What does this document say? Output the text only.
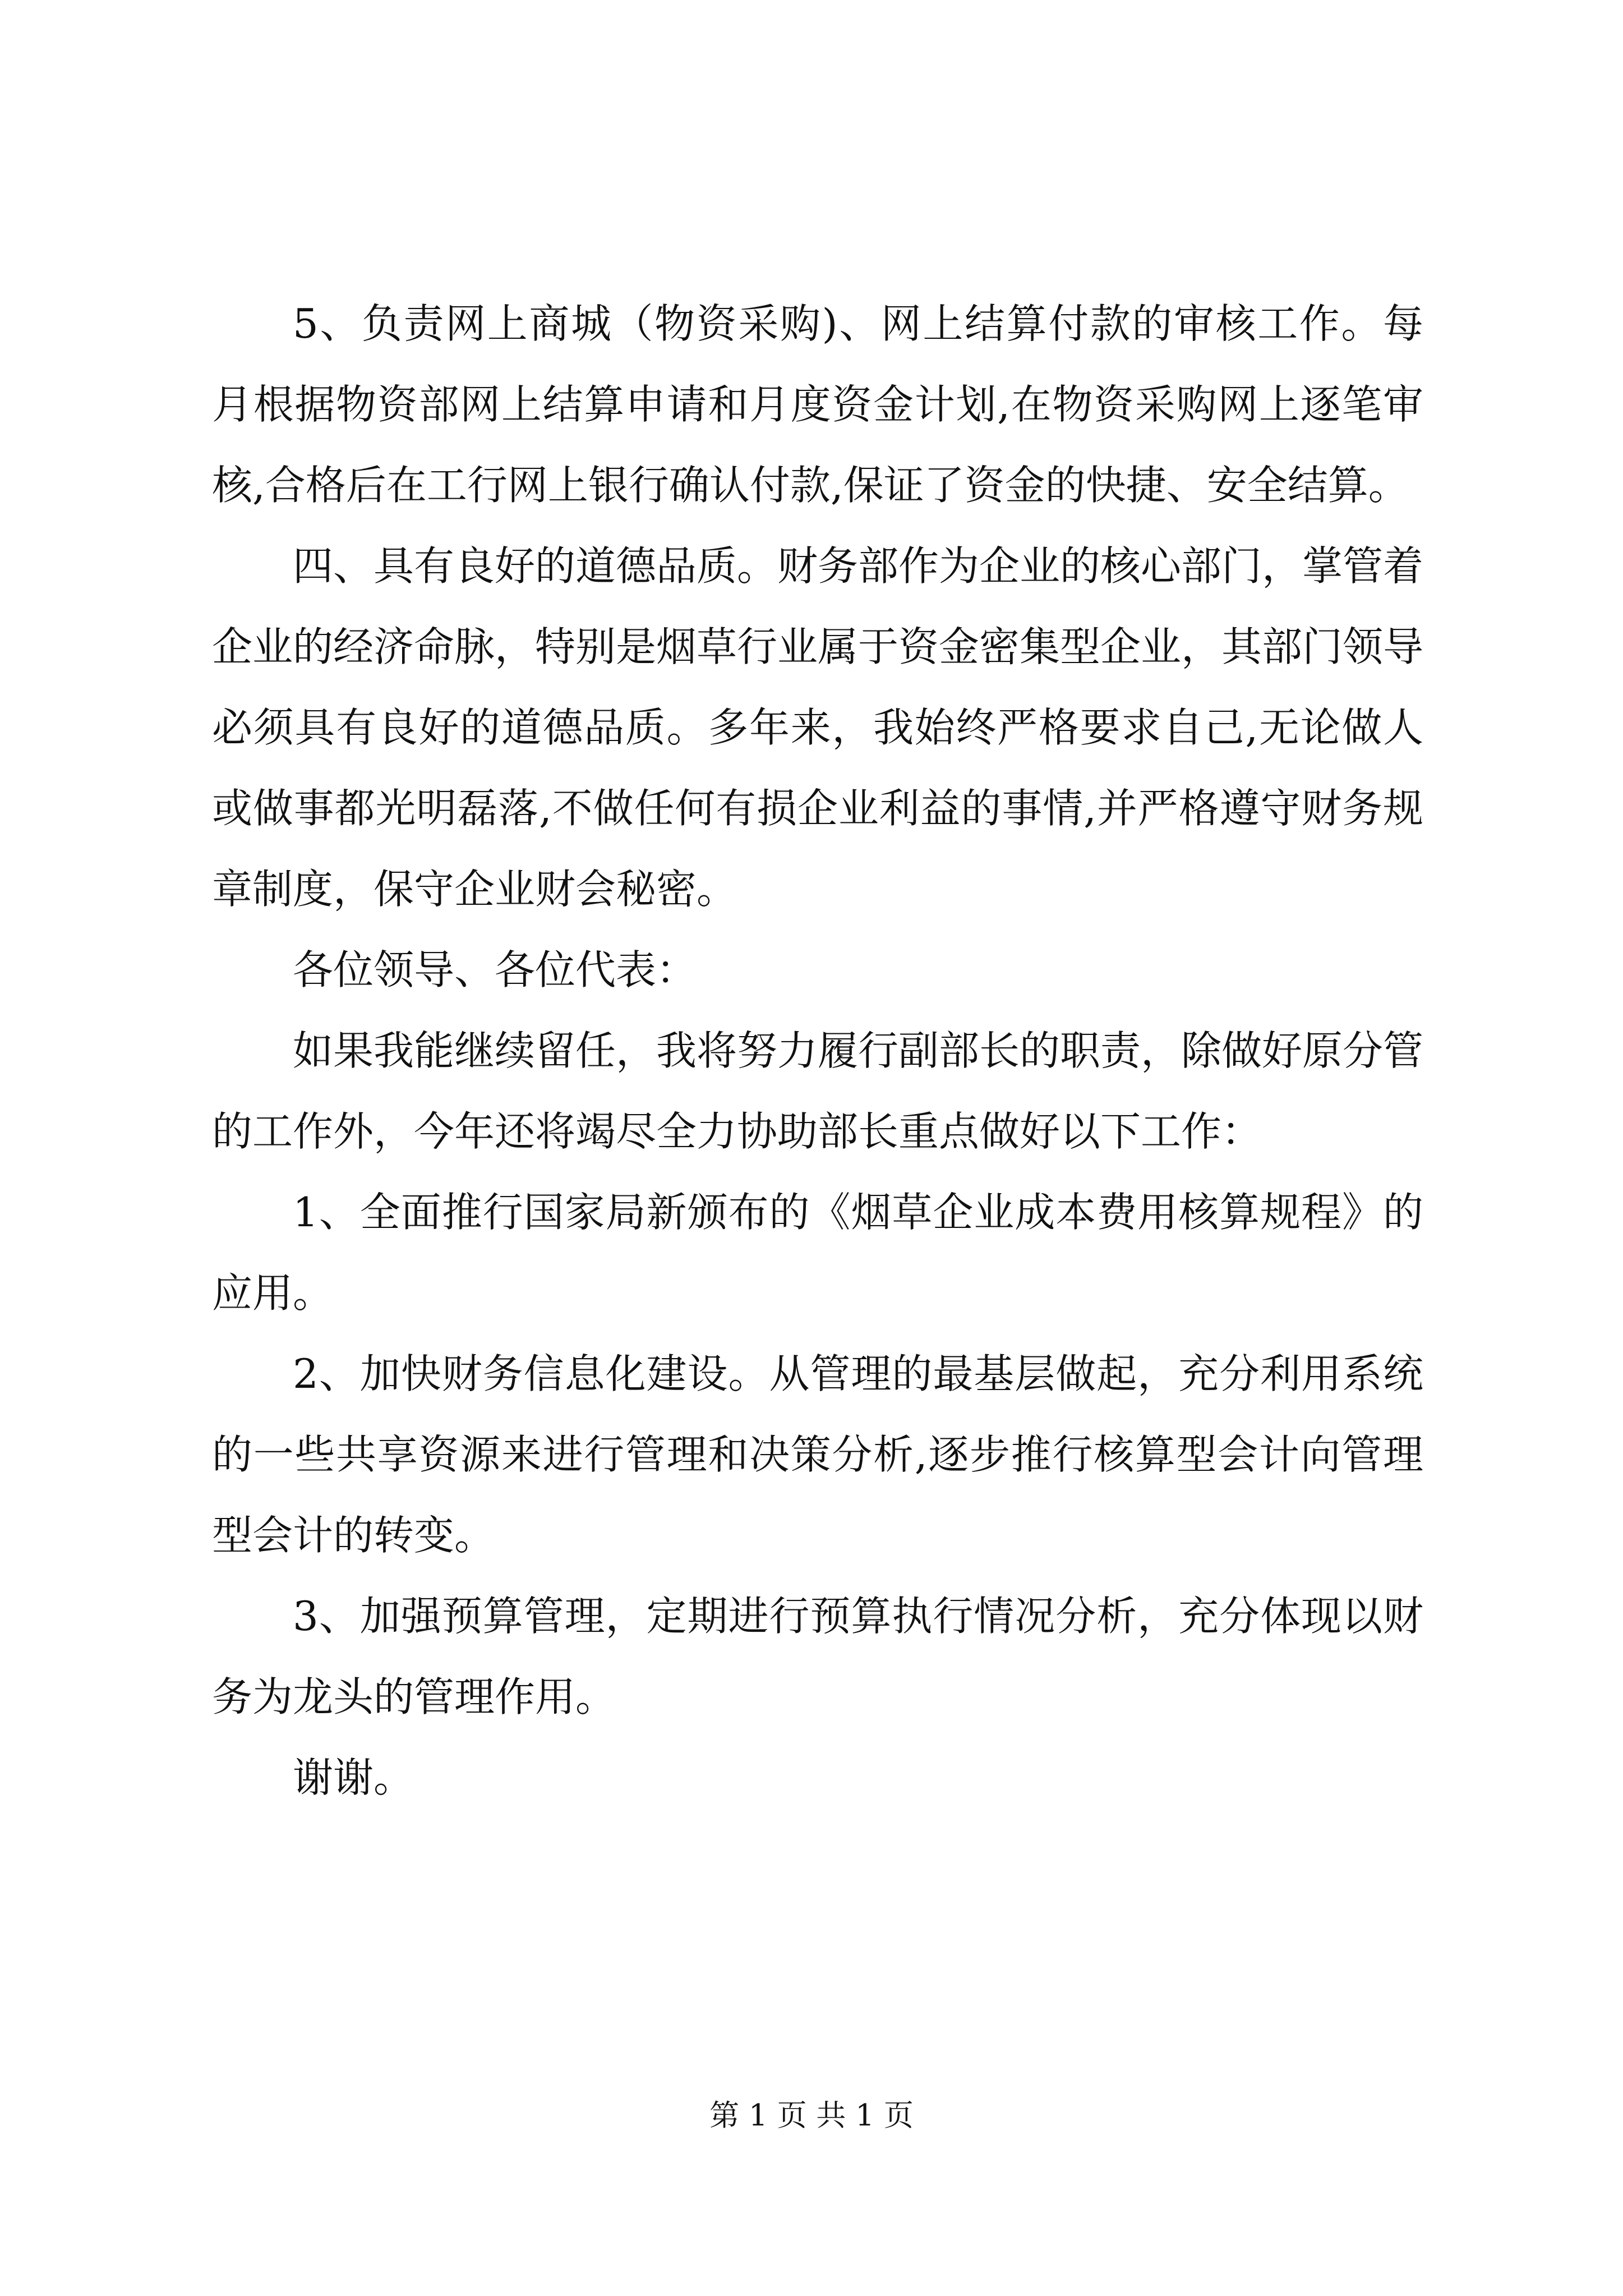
5、负责网上商城（物资采购)、网上结算付款的审核工作。每月根据物资部网上结算申请和月度资金计划,在物资采购网上逐笔审核,合格后在工行网上银行确认付款,保证了资金的快捷、安全结算。

四、具有良好的道德品质。财务部作为企业的核心部门，掌管着企业的经济命脉，特别是烟草行业属于资金密集型企业，其部门领导必须具有良好的道德品质。多年来，我始终严格要求自己,无论做人或做事都光明磊落,不做任何有损企业利益的事情,并严格遵守财务规章制度，保守企业财会秘密。

各位领导、各位代表：

如果我能继续留任，我将努力履行副部长的职责，除做好原分管的工作外，今年还将竭尽全力协助部长重点做好以下工作：

1、全面推行国家局新颁布的《烟草企业成本费用核算规程》的应用。

2、加快财务信息化建设。从管理的最基层做起，充分利用系统的一些共享资源来进行管理和决策分析,逐步推行核算型会计向管理型会计的转变。

3、加强预算管理，定期进行预算执行情况分析，充分体现以财务为龙头的管理作用。

谢谢。

第 1 页 共 1 页
